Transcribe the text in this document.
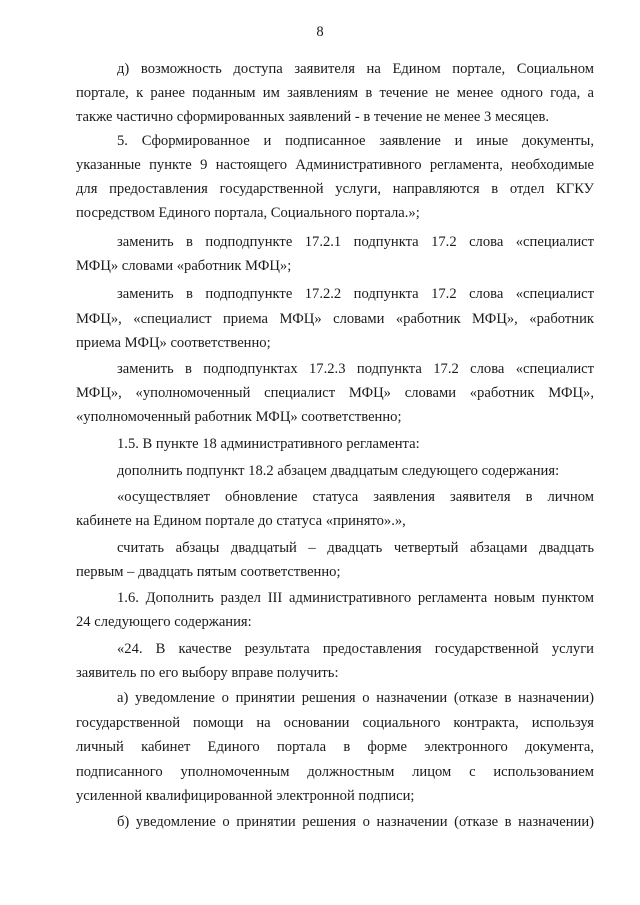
8
д) возможность доступа заявителя на Едином портале, Социальном
портале, к ранее поданным им заявлениям в течение не менее одного года, а
также частично сформированных заявлений - в течение не менее 3 месяцев.
5. Сформированное и подписанное заявление и иные документы,
указанные пункте 9 настоящего Административного регламента, необходимые
для предоставления государственной услуги, направляются в отдел КГКУ
посредством Единого портала, Социального портала.»;
заменить в подподпункте 17.2.1 подпункта 17.2 слова «специалист
МФЦ» словами «работник МФЦ»;
заменить в подподпункте 17.2.2 подпункта 17.2 слова «специалист
МФЦ», «специалист приема МФЦ» словами «работник МФЦ», «работник
приема МФЦ» соответственно;
заменить в подподпунктах 17.2.3 подпункта 17.2 слова «специалист
МФЦ», «уполномоченный специалист МФЦ» словами «работник МФЦ»,
«уполномоченный работник МФЦ» соответственно;
1.5. В пункте 18 административного регламента:
дополнить подпункт 18.2 абзацем двадцатым следующего содержания:
«осуществляет обновление статуса заявления заявителя в личном
кабинете на Едином портале до статуса «принято».»,
считать абзацы двадцатый – двадцать четвертый абзацами двадцать
первым – двадцать пятым соответственно;
1.6. Дополнить раздел III административного регламента новым пунктом
24 следующего содержания:
«24. В качестве результата предоставления государственной услуги
заявитель по его выбору вправе получить:
а) уведомление о принятии решения о назначении (отказе в назначении)
государственной помощи на основании социального контракта, используя
личный кабинет Единого портала в форме электронного документа,
подписанного уполномоченным должностным лицом с использованием
усиленной квалифицированной электронной подписи;
б) уведомление о принятии решения о назначении (отказе в назначении)
